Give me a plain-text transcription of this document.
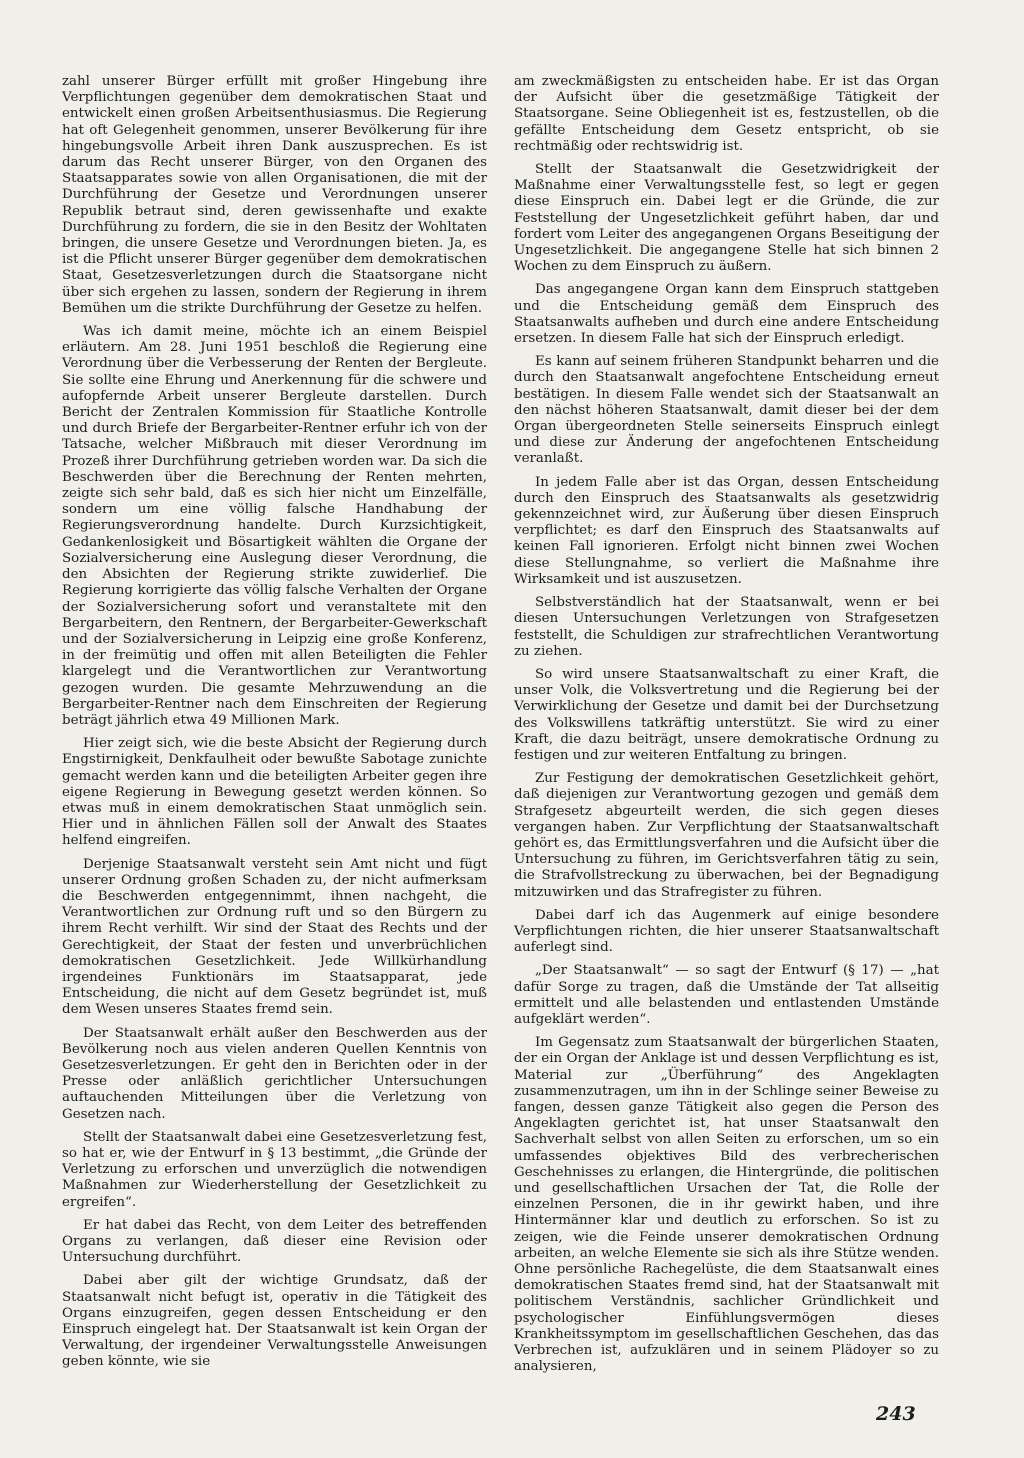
zahl unserer Bürger erfüllt mit großer Hingebung ihre Verpflichtungen gegenüber dem demokratischen Staat und entwickelt einen großen Arbeitsenthusiasmus. Die Regierung hat oft Gelegenheit genommen, unserer Bevölkerung für ihre hingebungsvolle Arbeit ihren Dank auszusprechen. Es ist darum das Recht unserer Bürger, von den Organen des Staatsapparates sowie von allen Organisationen, die mit der Durchführung der Gesetze und Verordnungen unserer Republik betraut sind, deren gewissenhafte und exakte Durchführung zu fordern, die sie in den Besitz der Wohltaten bringen, die unsere Gesetze und Verordnungen bieten. Ja, es ist die Pflicht unserer Bürger gegenüber dem demokratischen Staat, Gesetzesverletzungen durch die Staatsorgane nicht über sich ergehen zu lassen, sondern der Regierung in ihrem Bemühen um die strikte Durchführung der Gesetze zu helfen.

Was ich damit meine, möchte ich an einem Beispiel erläutern. Am 28. Juni 1951 beschloß die Regierung eine Verordnung über die Verbesserung der Renten der Bergleute. Sie sollte eine Ehrung und Anerkennung für die schwere und aufopfernde Arbeit unserer Bergleute darstellen. Durch Bericht der Zentralen Kommission für Staatliche Kontrolle und durch Briefe der Bergarbeiter-Rentner erfuhr ich von der Tatsache, welcher Mißbrauch mit dieser Verordnung im Prozeß ihrer Durchführung getrieben worden war. Da sich die Beschwerden über die Berechnung der Renten mehrten, zeigte sich sehr bald, daß es sich hier nicht um Einzelfälle, sondern um eine völlig falsche Handhabung der Regierungsverordnung handelte. Durch Kurzsichtigkeit, Gedankenlosigkeit und Bösartigkeit wählten die Organe der Sozialversicherung eine Auslegung dieser Verordnung, die den Absichten der Regierung strikte zuwiderlief. Die Regierung korrigierte das völlig falsche Verhalten der Organe der Sozialversicherung sofort und veranstaltete mit den Bergarbeitern, den Rentnern, der Bergarbeiter-Gewerkschaft und der Sozialversicherung in Leipzig eine große Konferenz, in der freimütig und offen mit allen Beteiligten die Fehler klargelegt und die Verantwortlichen zur Verantwortung gezogen wurden. Die gesamte Mehrzuwendung an die Bergarbeiter-Rentner nach dem Einschreiten der Regierung beträgt jährlich etwa 49 Millionen Mark.

Hier zeigt sich, wie die beste Absicht der Regierung durch Engstirnigkeit, Denkfaulheit oder bewußte Sabotage zunichte gemacht werden kann und die beteiligten Arbeiter gegen ihre eigene Regierung in Bewegung gesetzt werden können. So etwas muß in einem demokratischen Staat unmöglich sein. Hier und in ähnlichen Fällen soll der Anwalt des Staates helfend eingreifen.

Derjenige Staatsanwalt versteht sein Amt nicht und fügt unserer Ordnung großen Schaden zu, der nicht aufmerksam die Beschwerden entgegennimmt, ihnen nachgeht, die Verantwortlichen zur Ordnung ruft und so den Bürgern zu ihrem Recht verhilft. Wir sind der Staat des Rechts und der Gerechtigkeit, der Staat der festen und unverbrüchlichen demokratischen Gesetzlichkeit. Jede Willkürhandlung irgendeines Funktionärs im Staatsapparat, jede Entscheidung, die nicht auf dem Gesetz begründet ist, muß dem Wesen unseres Staates fremd sein.

Der Staatsanwalt erhält außer den Beschwerden aus der Bevölkerung noch aus vielen anderen Quellen Kenntnis von Gesetzesverletzungen. Er geht den in Berichten oder in der Presse oder anläßlich gerichtlicher Untersuchungen auftauchenden Mitteilungen über die Verletzung von Gesetzen nach.

Stellt der Staatsanwalt dabei eine Gesetzesverletzung fest, so hat er, wie der Entwurf in § 13 bestimmt, „die Gründe der Verletzung zu erforschen und unverzüglich die notwendigen Maßnahmen zur Wiederherstellung der Gesetzlichkeit zu ergreifen“.

Er hat dabei das Recht, von dem Leiter des betreffenden Organs zu verlangen, daß dieser eine Revision oder Untersuchung durchführt.

Dabei aber gilt der wichtige Grundsatz, daß der Staatsanwalt nicht befugt ist, operativ in die Tätigkeit des Organs einzugreifen, gegen dessen Entscheidung er den Einspruch eingelegt hat. Der Staatsanwalt ist kein Organ der Verwaltung, der irgendeiner Verwaltungsstelle Anweisungen geben könnte, wie sie

am zweckmäßigsten zu entscheiden habe. Er ist das Organ der Aufsicht über die gesetzmäßige Tätigkeit der Staatsorgane. Seine Obliegenheit ist es, festzustellen, ob die gefällte Entscheidung dem Gesetz entspricht, ob sie rechtmäßig oder rechtswidrig ist.

Stellt der Staatsanwalt die Gesetzwidrigkeit der Maßnahme einer Verwaltungsstelle fest, so legt er gegen diese Einspruch ein. Dabei legt er die Gründe, die zur Feststellung der Ungesetzlichkeit geführt haben, dar und fordert vom Leiter des angegangenen Organs Beseitigung der Ungesetzlichkeit. Die angegangene Stelle hat sich binnen 2 Wochen zu dem Einspruch zu äußern.

Das angegangene Organ kann dem Einspruch stattgeben und die Entscheidung gemäß dem Einspruch des Staatsanwalts aufheben und durch eine andere Entscheidung ersetzen. In diesem Falle hat sich der Einspruch erledigt.

Es kann auf seinem früheren Standpunkt beharren und die durch den Staatsanwalt angefochtene Entscheidung erneut bestätigen. In diesem Falle wendet sich der Staatsanwalt an den nächst höheren Staatsanwalt, damit dieser bei der dem Organ übergeordneten Stelle seinerseits Einspruch einlegt und diese zur Änderung der angefochtenen Entscheidung veranlaßt.

In jedem Falle aber ist das Organ, dessen Entscheidung durch den Einspruch des Staatsanwalts als gesetzwidrig gekennzeichnet wird, zur Äußerung über diesen Einspruch verpflichtet; es darf den Einspruch des Staatsanwalts auf keinen Fall ignorieren. Erfolgt nicht binnen zwei Wochen diese Stellungnahme, so verliert die Maßnahme ihre Wirksamkeit und ist auszusetzen.

Selbstverständlich hat der Staatsanwalt, wenn er bei diesen Untersuchungen Verletzungen von Strafgesetzen feststellt, die Schuldigen zur strafrechtlichen Verantwortung zu ziehen.

So wird unsere Staatsanwaltschaft zu einer Kraft, die unser Volk, die Volksvertretung und die Regierung bei der Verwirklichung der Gesetze und damit bei der Durchsetzung des Volkswillens tatkräftig unterstützt. Sie wird zu einer Kraft, die dazu beiträgt, unsere demokratische Ordnung zu festigen und zur weiteren Entfaltung zu bringen.

Zur Festigung der demokratischen Gesetzlichkeit gehört, daß diejenigen zur Verantwortung gezogen und gemäß dem Strafgesetz abgeurteilt werden, die sich gegen dieses vergangen haben. Zur Verpflichtung der Staatsanwaltschaft gehört es, das Ermittlungsverfahren und die Aufsicht über die Untersuchung zu führen, im Gerichtsverfahren tätig zu sein, die Strafvollstreckung zu überwachen, bei der Begnadigung mitzuwirken und das Strafregister zu führen.

Dabei darf ich das Augenmerk auf einige besondere Verpflichtungen richten, die hier unserer Staatsanwaltschaft auferlegt sind.

„Der Staatsanwalt“ — so sagt der Entwurf (§ 17) — „hat dafür Sorge zu tragen, daß die Umstände der Tat allseitig ermittelt und alle belastenden und entlastenden Umstände aufgeklärt werden“.

Im Gegensatz zum Staatsanwalt der bürgerlichen Staaten, der ein Organ der Anklage ist und dessen Verpflichtung es ist, Material zur „Überführung“ des Angeklagten zusammenzutragen, um ihn in der Schlinge seiner Beweise zu fangen, dessen ganze Tätigkeit also gegen die Person des Angeklagten gerichtet ist, hat unser Staatsanwalt den Sachverhalt selbst von allen Seiten zu erforschen, um so ein umfassendes objektives Bild des verbrecherischen Geschehnisses zu erlangen, die Hintergründe, die politischen und gesellschaftlichen Ursachen der Tat, die Rolle der einzelnen Personen, die in ihr gewirkt haben, und ihre Hintermänner klar und deutlich zu erforschen. So ist zu zeigen, wie die Feinde unserer demokratischen Ordnung arbeiten, an welche Elemente sie sich als ihre Stütze wenden. Ohne persönliche Rachegelüste, die dem Staatsanwalt eines demokratischen Staates fremd sind, hat der Staatsanwalt mit politischem Verständnis, sachlicher Gründlichkeit und psychologischer Einfühlungsvermögen dieses Krankheitssymptom im gesellschaftlichen Geschehen, das das Verbrechen ist, aufzuklären und in seinem Plädoyer so zu analysieren,

243
